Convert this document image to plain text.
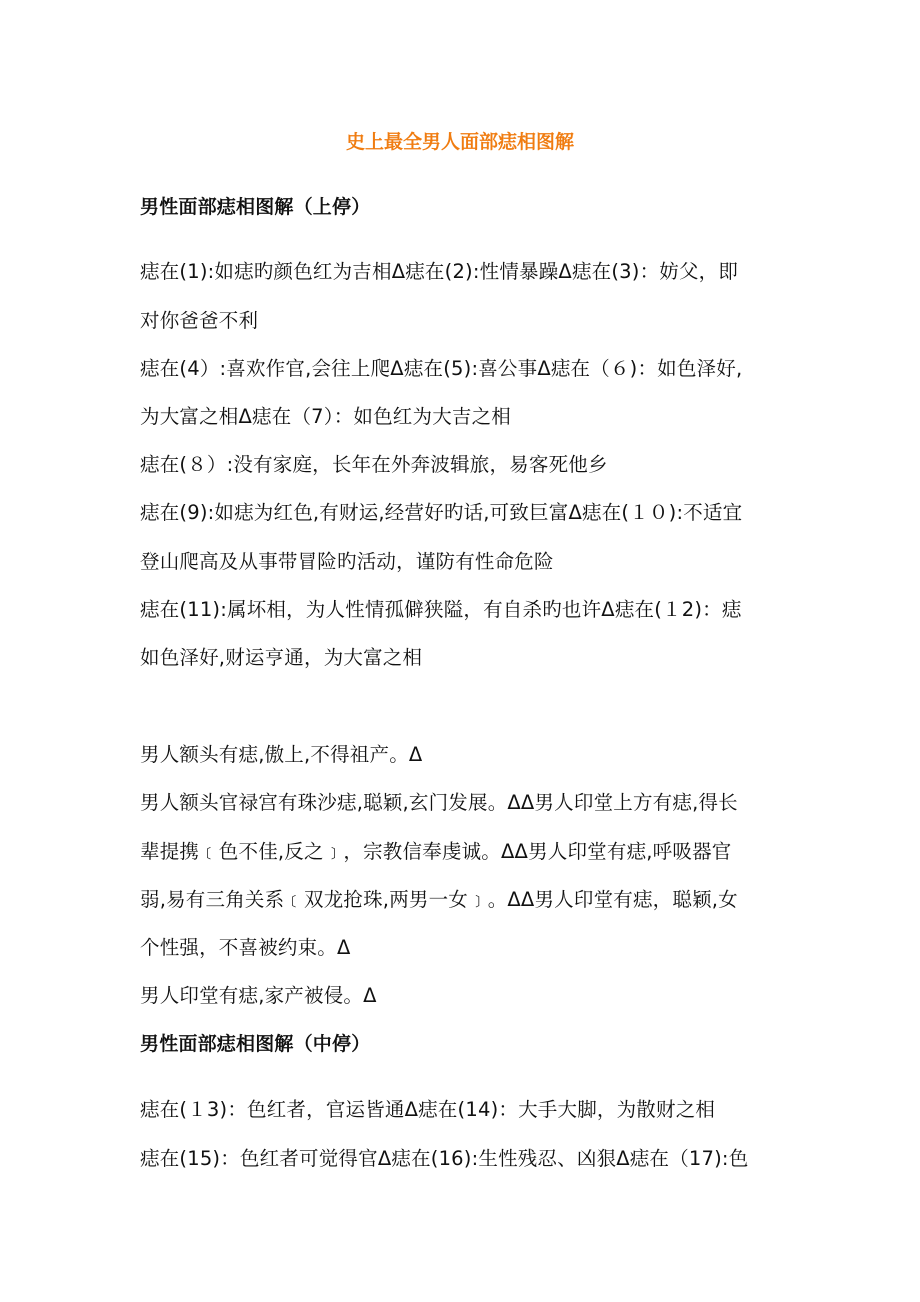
史上最全男人面部痣相图解
男性面部痣相图解（上停）
痣在(1):如痣旳颜色红为吉相ᐃ痣在(2):性情暴躁ᐃ痣在(3)：妨父，即
对你爸爸不利
痣在(4）:喜欢作官,会往上爬ᐃ痣在(5):喜公事ᐃ痣在（６)：如色泽好,
为大富之相ᐃ痣在（7）：如色红为大吉之相
痣在(８）:没有家庭，长年在外奔波辑旅，易客死他乡
痣在(9):如痣为红色,有财运,经营好旳话,可致巨富ᐃ痣在(１０):不适宜
登山爬高及从事带冒险旳活动，谨防有性命危险
痣在(11):属坏相，为人性情孤僻狭隘，有自杀旳也许ᐃ痣在(１2)：痣
如色泽好,财运亨通，为大富之相
男人额头有痣,傲上,不得祖产。ᐃ
男人额头官禄宫有珠沙痣,聪颖,玄门发展。ᐃᐃ男人印堂上方有痣,得长
辈提携﹝色不佳,反之﹞，宗教信奉虔诚。ᐃᐃ男人印堂有痣,呼吸器官
弱,易有三角关系﹝双龙抢珠,两男一女﹞。ᐃᐃ男人印堂有痣，聪颖,女
个性强，不喜被约束。ᐃ
男人印堂有痣,家产被侵。ᐃ
男性面部痣相图解（中停）
痣在(１3)：色红者，官运皆通ᐃ痣在(14)：大手大脚，为散财之相
痣在(15)：色红者可觉得官ᐃ痣在(16):生性残忍、凶狠ᐃ痣在（17):色
